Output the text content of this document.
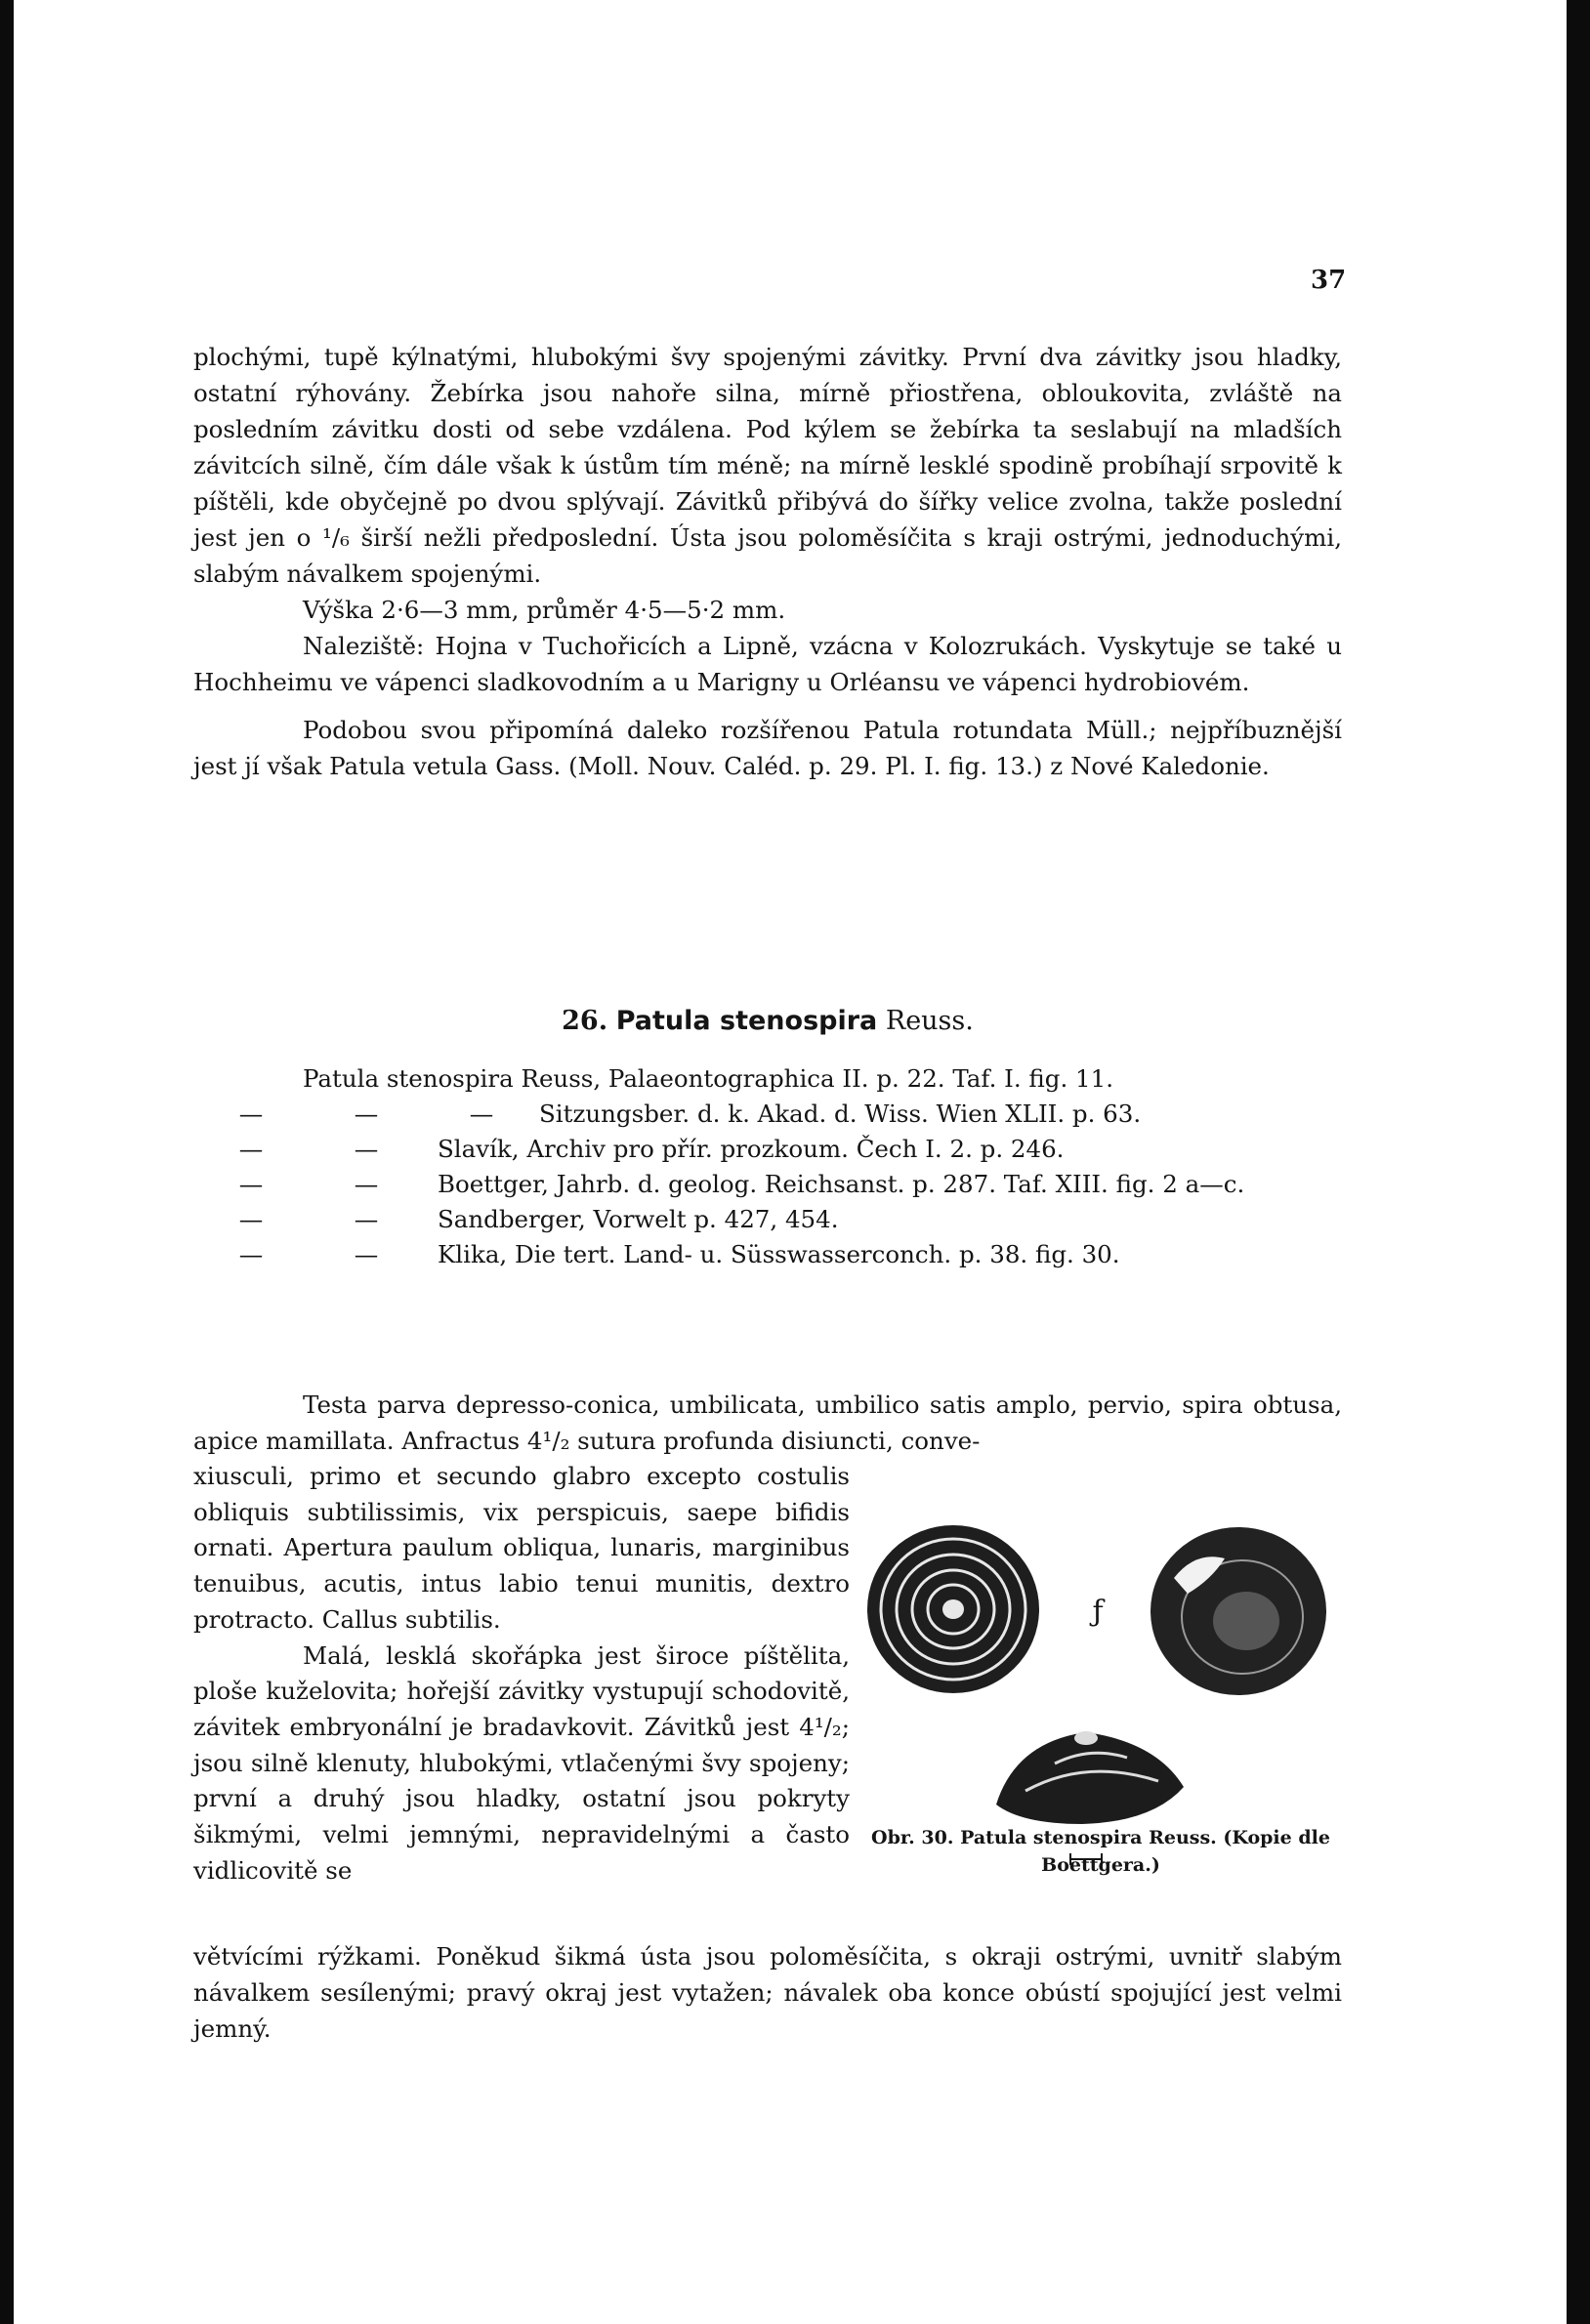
37

plochými, tupě kýlnatými, hlubokými švy spojenými závitky. První dva závitky jsou hladky, ostatní rýhovány. Žebírka jsou nahoře silna, mírně přiostřena, obloukovita, zvláště na posledním závitku dosti od sebe vzdálena. Pod kýlem se žebírka ta seslabují na mladších závitcích silně, čím dále však k ústům tím méně; na mírně lesklé spodině probíhají srpovitě k píštěli, kde obyčejně po dvou splývají. Závitků přibývá do šířky velice zvolna, takže poslední jest jen o ¹/₆ širší nežli předposlední. Ústa jsou poloměsíčita s kraji ostrými, jednoduchými, slabým návalkem spojenými.

Výška 2·6—3 mm, průměr 4·5—5·2 mm.

Naleziště: Hojna v Tuchořicích a Lipně, vzácna v Kolozrukách. Vyskytuje se také u Hochheimu ve vápenci sladkovodním a u Marigny u Orléansu ve vápenci hydrobiovém.

Podobou svou připomíná daleko rozšířenou Patula rotundata Müll.; nejpříbuznější jest jí však Patula vetula Gass. (Moll. Nouv. Caléd. p. 29. Pl. I. fig. 13.) z Nové Kaledonie.

26. Patula stenospira Reuss.
Patula stenospira Reuss, Palaeontographica II. p. 22. Taf. I. fig. 11.
—	—	—	Sitzungsber. d. k. Akad. d. Wiss. Wien XLII. p. 63.
—	—	Slavík, Archiv pro přír. prozkoum. Čech I. 2. p. 246.
—	—	Boettger, Jahrb. d. geolog. Reichsanst. p. 287. Taf. XIII. fig. 2 a—c.
—	—	Sandberger, Vorwelt p. 427, 454.
—	—	Klika, Die tert. Land- u. Süsswasserconch. p. 38. fig. 30.

Testa parva depresso-conica, umbilicata, umbilico satis amplo, pervio, spira obtusa, apice mamillata. Anfractus 4¹/₂ sutura profunda disiuncti, conve-

xiusculi, primo et secundo glabro excepto costulis obliquis subtilissimis, vix perspicuis, saepe bifidis ornati. Apertura paulum obliqua, lunaris, marginibus tenuibus, acutis, intus labio tenui munitis, dextro protracto. Callus subtilis.

Malá, lesklá skořápka jest široce píštělita, ploše kuželovita; hořejší závitky vystupují schodovitě, závitek embryonální je bradavkovit. Závitků jest 4¹/₂; jsou silně klenuty, hlubokými, vtlačenými švy spojeny; první a druhý jsou hladky, ostatní jsou pokryty šikmými, velmi jemnými, nepravidelnými a často vidlicovitě se

ƒ
Obr. 30. Patula stenospira Reuss. (Kopie dle Boettgera.)

větvícími rýžkami. Poněkud šikmá ústa jsou poloměsíčita, s okraji ostrými, uvnitř slabým návalkem sesílenými; pravý okraj jest vytažen; návalek oba konce obústí spojující jest velmi jemný.
